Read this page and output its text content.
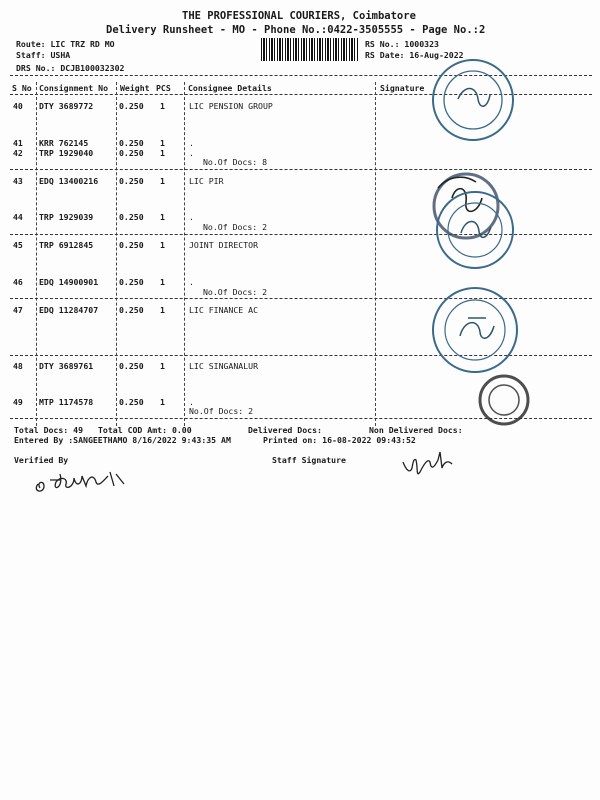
THE PROFESSIONAL COURIERS, Coimbatore
Delivery Runsheet - MO - Phone No.:0422-3505555 - Page No.:2
Route: LIC TRZ RD MO
Staff: USHA
DRS No.: DCJB100032302
RS No.: 1000323
RS Date: 16-Aug-2022
S No Consignment No Weight PCS Consignee Details	Signature
40 DTY 3689772	0.250 1	LIC PENSION GROUP
41 KRR 762145	0.250 1	.
42 TRP 1929040	0.250 1	.
No.Of Docs: 8
43 EDQ 13400216	0.250 1	LIC PIR
44 TRP 1929039	0.250 1	.
No.Of Docs: 2
45 TRP 6912845	0.250 1	JOINT DIRECTOR
46 EDQ 14900901	0.250 1	.
No.Of Docs: 2
47 EDQ 11284707	0.250 1	LIC FINANCE AC
48 DTY 3689761	0.250 1	LIC SINGANALUR
49 MTP 1174578	0.250 1	.
No.Of Docs: 2
Total Docs: 49 Total COD Amt: 0.00	Delivered Docs:	Non Delivered Docs:
Entered By :SANGEETHAMO 8/16/2022 9:43:35 AM	Printed on: 16-08-2022 09:43:52
Verified By	Staff Signature
